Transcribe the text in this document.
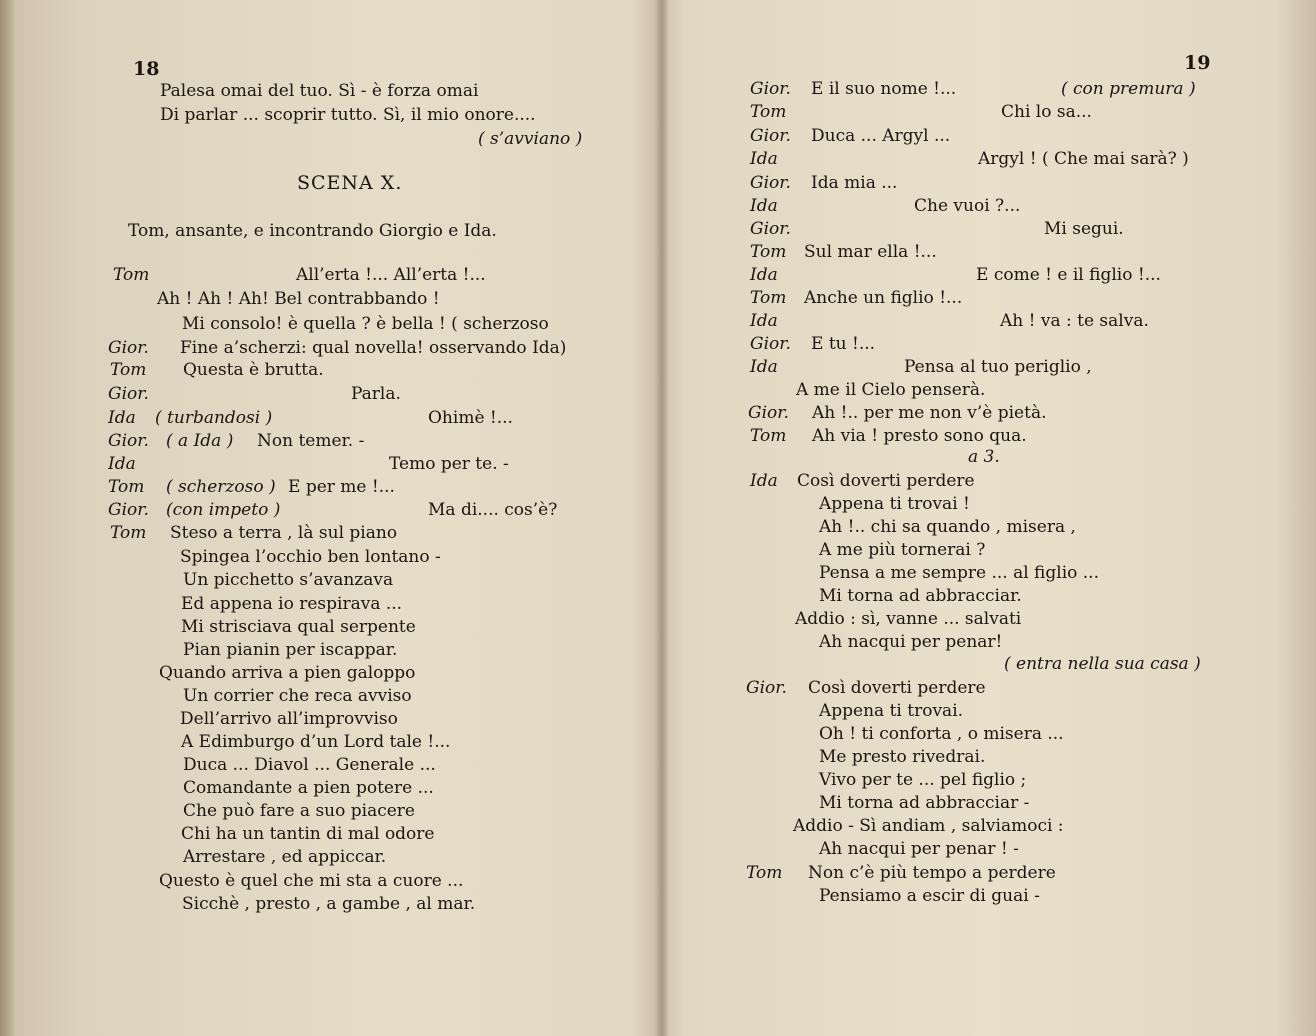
18
Palesa omai del tuo. Sì - è forza omai
Di parlar ... scoprir tutto. Sì, il mio onore....
( s’avviano )
SCENA X.
Tom, ansante, e incontrando Giorgio e Ida.
Tom	All’erta !... All’erta !...
Ah ! Ah ! Ah! Bel contrabbando !
Mi consolo! è quella ? è bella ! ( scherzoso
Gior. Fine a’scherzi: qual novella! osservando Ida)
Tom Questa è brutta.
Gior.	Parla.
Ida ( turbandosi )	Ohimè !...
Gior. ( a Ida ) Non temer. -
Ida	Temo per te. -
Tom ( scherzoso ) E per me !...
Gior. (con impeto )	Ma di.... cos’è?
Tom Steso a terra , là sul piano
Spingea l’occhio ben lontano -
Un picchetto s’avanzava
Ed appena io respirava ...
Mi strisciava qual serpente
Pian pianin per iscappar.
Quando arriva a pien galoppo
Un corrier che reca avviso
Dell’arrivo all’improvviso
A Edimburgo d’un Lord tale !...
Duca ... Diavol ... Generale ...
Comandante a pien potere ...
Che può fare a suo piacere
Chi ha un tantin di mal odore
Arrestare , ed appiccar.
Questo è quel che mi sta a cuore ...
Sicchè , presto , a gambe , al mar.
19
Gior. E il suo nome !...	( con premura )
Tom	Chi lo sa...
Gior. Duca ... Argyl ...
Ida	Argyl ! ( Che mai sarà? )
Gior. Ida mia ...
Ida	Che vuoi ?...
Gior.	Mi segui.
Tom Sul mar ella !...
Ida	E come ! e il figlio !...
Tom Anche un figlio !...
Ida	Ah ! va : te salva.
Gior. E tu !...
Ida	Pensa al tuo periglio ,
A me il Cielo penserà.
Gior. Ah !.. per me non v’è pietà.
Tom Ah via ! presto sono qua.
a 3.
Ida Così doverti perdere
Appena ti trovai !
Ah !.. chi sa quando , misera ,
A me più tornerai ?
Pensa a me sempre ... al figlio ...
Mi torna ad abbracciar.
Addio : sì, vanne ... salvati
Ah nacqui per penar!
( entra nella sua casa )
Gior. Così doverti perdere
Appena ti trovai.
Oh ! ti conforta , o misera ...
Me presto rivedrai.
Vivo per te ... pel figlio ;
Mi torna ad abbracciar -
Addio - Sì andiam , salviamoci :
Ah nacqui per penar ! -
Tom Non c’è più tempo a perdere
Pensiamo a escir di guai -
